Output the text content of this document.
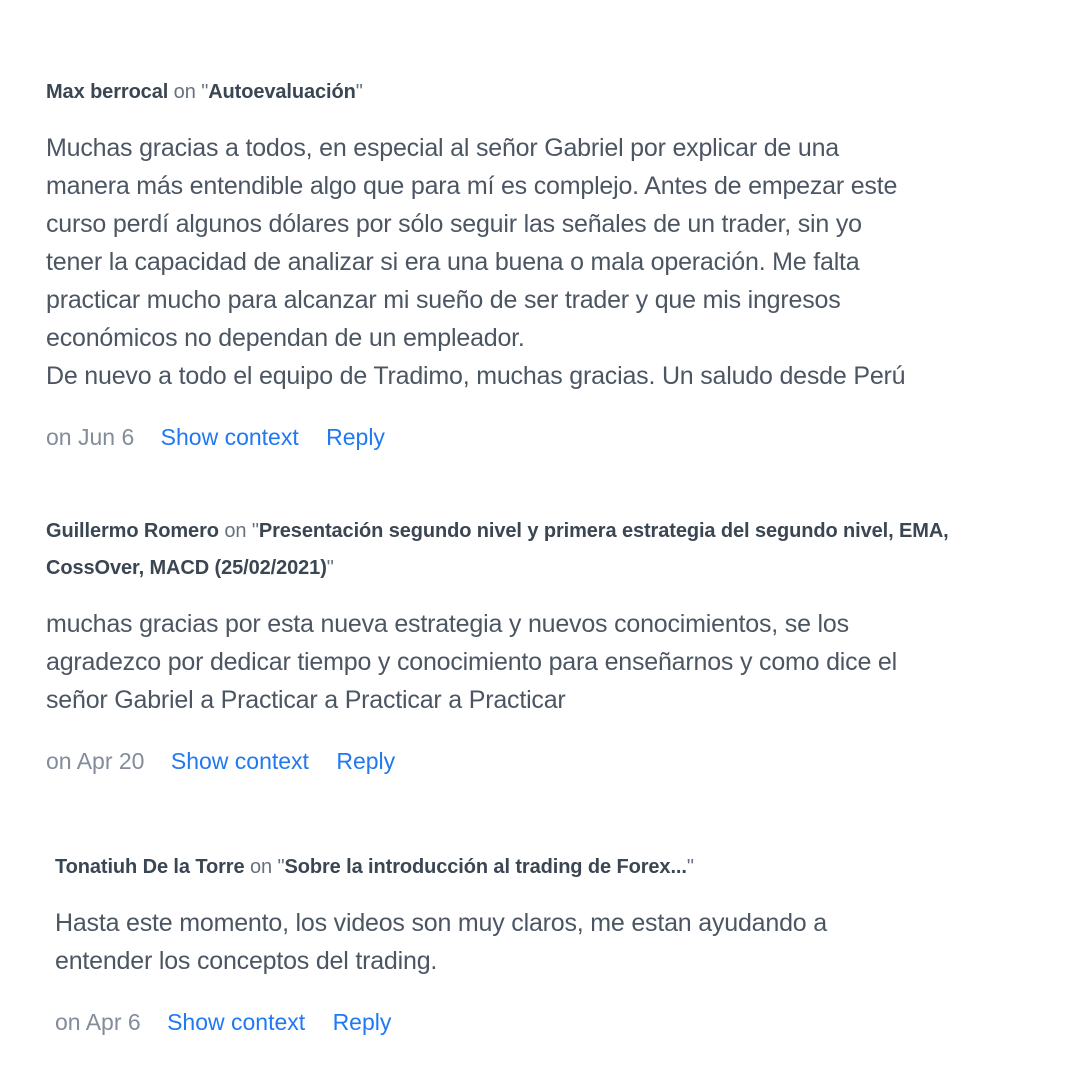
Max berrocal on "Autoevaluación"
Muchas gracias a todos, en especial al señor Gabriel por explicar de una
manera más entendible algo que para mí es complejo. Antes de empezar este
curso perdí algunos dólares por sólo seguir las señales de un trader, sin yo
tener la capacidad de analizar si era una buena o mala operación. Me falta
practicar mucho para alcanzar mi sueño de ser trader y que mis ingresos
económicos no dependan de un empleador.
De nuevo a todo el equipo de Tradimo, muchas gracias. Un saludo desde Perú
on Jun 6 Show context Reply
Guillermo Romero on "Presentación segundo nivel y primera estrategia del segundo nivel, EMA, CossOver, MACD (25/02/2021)"
muchas gracias por esta nueva estrategia y nuevos conocimientos, se los
agradezco por dedicar tiempo y conocimiento para enseñarnos y como dice el
señor Gabriel a Practicar a Practicar a Practicar
on Apr 20 Show context Reply
Tonatiuh De la Torre on "Sobre la introducción al trading de Forex..."
Hasta este momento, los videos son muy claros, me estan ayudando a
entender los conceptos del trading.
on Apr 6 Show context Reply
